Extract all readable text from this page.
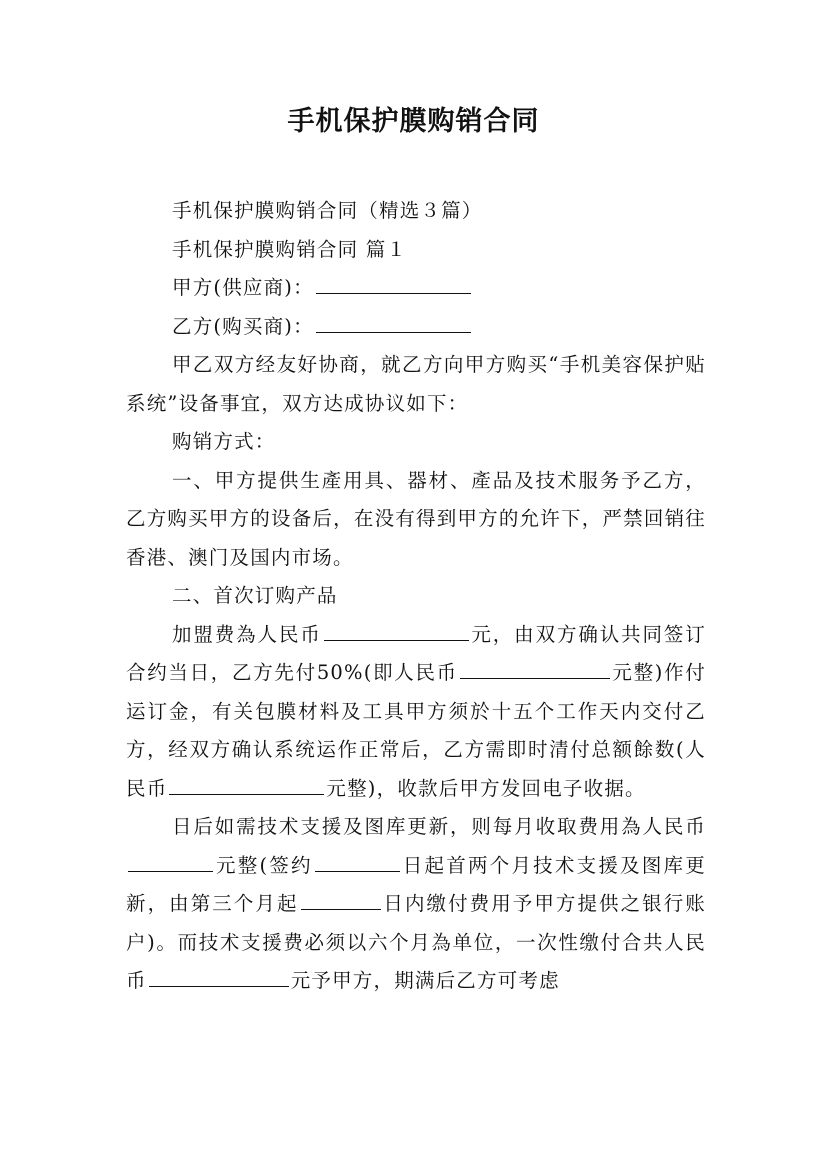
手机保护膜购销合同

手机保护膜购销合同（精选３篇）

手机保护膜购销合同 篇１

甲方(供应商)：

乙方(购买商)：

甲乙双方经友好协商，就乙方向甲方购买“手机美容保护贴系统”设备事宜，双方达成协议如下：

购销方式：

一、甲方提供生產用具、器材、產品及技术服务予乙方，乙方购买甲方的设备后，在没有得到甲方的允许下，严禁回销往香港、澳门及国内市场。

二、首次订购产品

加盟费為人民币	元，由双方确认共同签订合约当日，乙方先付50%(即人民币	元整)作付运订金，有关包膜材料及工具甲方须於十五个工作天内交付乙方，经双方确认系统运作正常后，乙方需即时清付总额餘数(人民币	元整)，收款后甲方发回电子收据。

日后如需技术支援及图库更新，则每月收取费用為人民币元整(签约	日起首两个月技术支援及图库更新，由第三个月起	日内缴付费用予甲方提供之银行账户)。而技术支援费必须以六个月為单位，一次性缴付合共人民币	元予甲方，期满后乙方可考虑
